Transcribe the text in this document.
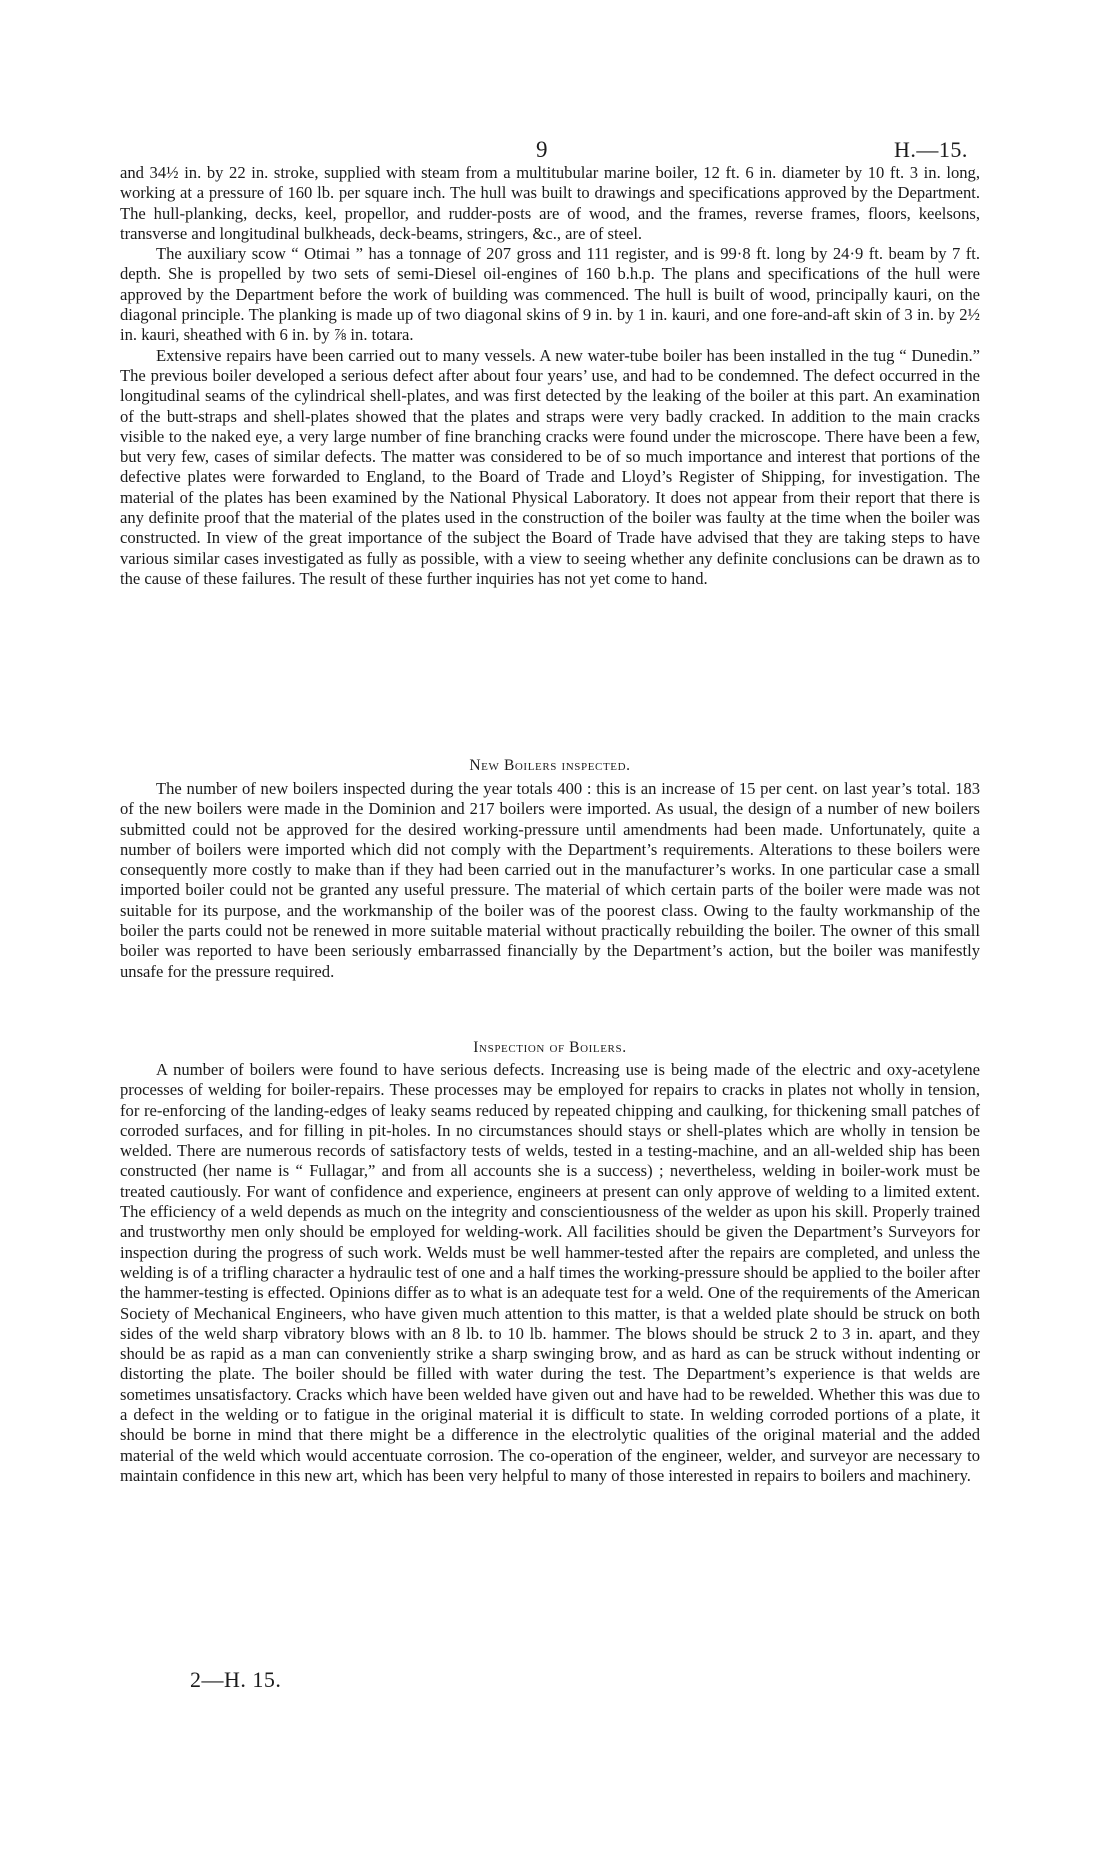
9	H.—15.

and 34½ in. by 22 in. stroke, supplied with steam from a multitubular marine boiler, 12 ft. 6 in. diameter by 10 ft. 3 in. long, working at a pressure of 160 lb. per square inch. The hull was built to drawings and specifications approved by the Department. The hull-planking, decks, keel, propellor, and rudder-posts are of wood, and the frames, reverse frames, floors, keelsons, transverse and longitudinal bulkheads, deck-beams, stringers, &c., are of steel.

The auxiliary scow “ Otimai ” has a tonnage of 207 gross and 111 register, and is 99·8 ft. long by 24·9 ft. beam by 7 ft. depth. She is propelled by two sets of semi-Diesel oil-engines of 160 b.h.p. The plans and specifications of the hull were approved by the Department before the work of building was commenced. The hull is built of wood, principally kauri, on the diagonal principle. The planking is made up of two diagonal skins of 9 in. by 1 in. kauri, and one fore-and-aft skin of 3 in. by 2½ in. kauri, sheathed with 6 in. by ⅞ in. totara.

Extensive repairs have been carried out to many vessels. A new water-tube boiler has been installed in the tug “ Dunedin.” The previous boiler developed a serious defect after about four years’ use, and had to be condemned. The defect occurred in the longitudinal seams of the cylindrical shell-plates, and was first detected by the leaking of the boiler at this part. An examination of the butt-straps and shell-plates showed that the plates and straps were very badly cracked. In addition to the main cracks visible to the naked eye, a very large number of fine branching cracks were found under the microscope. There have been a few, but very few, cases of similar defects. The matter was considered to be of so much importance and interest that portions of the defective plates were forwarded to England, to the Board of Trade and Lloyd’s Register of Shipping, for investigation. The material of the plates has been examined by the National Physical Laboratory. It does not appear from their report that there is any definite proof that the material of the plates used in the construction of the boiler was faulty at the time when the boiler was constructed. In view of the great importance of the subject the Board of Trade have advised that they are taking steps to have various similar cases investigated as fully as possible, with a view to seeing whether any definite conclusions can be drawn as to the cause of these failures. The result of these further inquiries has not yet come to hand.

New Boilers inspected.

The number of new boilers inspected during the year totals 400 : this is an increase of 15 per cent. on last year’s total. 183 of the new boilers were made in the Dominion and 217 boilers were imported. As usual, the design of a number of new boilers submitted could not be approved for the desired working-pressure until amendments had been made. Unfortunately, quite a number of boilers were imported which did not comply with the Department’s requirements. Alterations to these boilers were consequently more costly to make than if they had been carried out in the manufacturer’s works. In one particular case a small imported boiler could not be granted any useful pressure. The material of which certain parts of the boiler were made was not suitable for its purpose, and the workmanship of the boiler was of the poorest class. Owing to the faulty workmanship of the boiler the parts could not be renewed in more suitable material without practically rebuilding the boiler. The owner of this small boiler was reported to have been seriously embarrassed financially by the Department’s action, but the boiler was manifestly unsafe for the pressure required.

Inspection of Boilers.

A number of boilers were found to have serious defects. Increasing use is being made of the electric and oxy-acetylene processes of welding for boiler-repairs. These processes may be employed for repairs to cracks in plates not wholly in tension, for re-enforcing of the landing-edges of leaky seams reduced by repeated chipping and caulking, for thickening small patches of corroded surfaces, and for filling in pit-holes. In no circumstances should stays or shell-plates which are wholly in tension be welded. There are numerous records of satisfactory tests of welds, tested in a testing-machine, and an all-welded ship has been constructed (her name is “ Fullagar,” and from all accounts she is a success) ; nevertheless, welding in boiler-work must be treated cautiously. For want of confidence and experience, engineers at present can only approve of welding to a limited extent. The efficiency of a weld depends as much on the integrity and conscientiousness of the welder as upon his skill. Properly trained and trustworthy men only should be employed for welding-work. All facilities should be given the Department’s Surveyors for inspection during the progress of such work. Welds must be well hammer-tested after the repairs are completed, and unless the welding is of a trifling character a hydraulic test of one and a half times the working-pressure should be applied to the boiler after the hammer-testing is effected. Opinions differ as to what is an adequate test for a weld. One of the requirements of the American Society of Mechanical Engineers, who have given much attention to this matter, is that a welded plate should be struck on both sides of the weld sharp vibratory blows with an 8 lb. to 10 lb. hammer. The blows should be struck 2 to 3 in. apart, and they should be as rapid as a man can conveniently strike a sharp swinging brow, and as hard as can be struck without indenting or distorting the plate. The boiler should be filled with water during the test. The Department’s experience is that welds are sometimes unsatisfactory. Cracks which have been welded have given out and have had to be rewelded. Whether this was due to a defect in the welding or to fatigue in the original material it is difficult to state. In welding corroded portions of a plate, it should be borne in mind that there might be a difference in the electrolytic qualities of the original material and the added material of the weld which would accentuate corrosion. The co-operation of the engineer, welder, and surveyor are necessary to maintain confidence in this new art, which has been very helpful to many of those interested in repairs to boilers and machinery.

2—H. 15.
